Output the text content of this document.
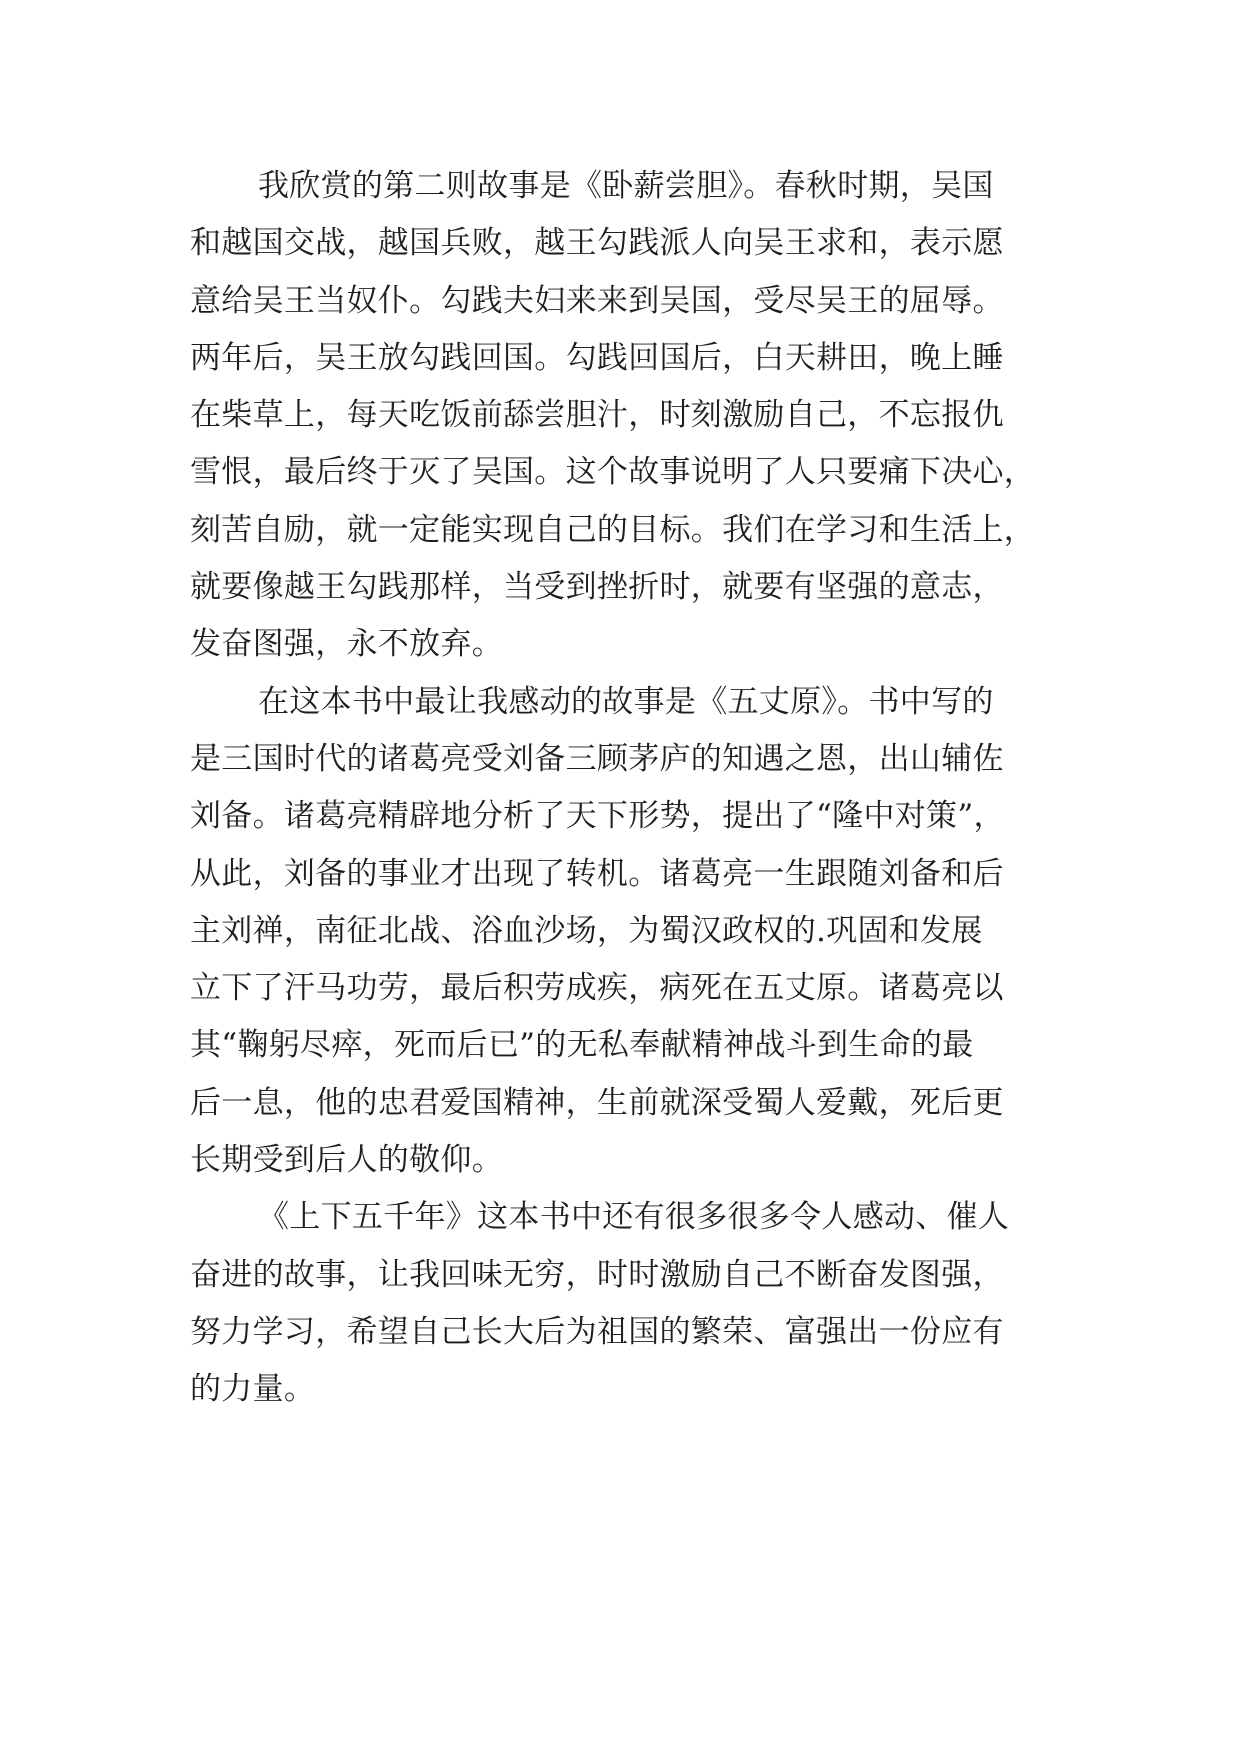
我欣赏的第二则故事是《卧薪尝胆》。春秋时期，吴国
和越国交战，越国兵败，越王勾践派人向吴王求和，表示愿
意给吴王当奴仆。勾践夫妇来来到吴国，受尽吴王的屈辱。
两年后，吴王放勾践回国。勾践回国后，白天耕田，晚上睡
在柴草上，每天吃饭前舔尝胆汁，时刻激励自己，不忘报仇
雪恨，最后终于灭了吴国。这个故事说明了人只要痛下决心，
刻苦自励，就一定能实现自己的目标。我们在学习和生活上，
就要像越王勾践那样，当受到挫折时，就要有坚强的意志，
发奋图强，永不放弃。
在这本书中最让我感动的故事是《五丈原》。书中写的
是三国时代的诸葛亮受刘备三顾茅庐的知遇之恩，出山辅佐
刘备。诸葛亮精辟地分析了天下形势，提出了“隆中对策”，
从此，刘备的事业才出现了转机。诸葛亮一生跟随刘备和后
主刘禅，南征北战、浴血沙场，为蜀汉政权的.巩固和发展
立下了汗马功劳，最后积劳成疾，病死在五丈原。诸葛亮以
其“鞠躬尽瘁，死而后已”的无私奉献精神战斗到生命的最
后一息，他的忠君爱国精神，生前就深受蜀人爱戴，死后更
长期受到后人的敬仰。
《上下五千年》这本书中还有很多很多令人感动、催人
奋进的故事，让我回味无穷，时时激励自己不断奋发图强，
努力学习，希望自己长大后为祖国的繁荣、富强出一份应有
的力量。
